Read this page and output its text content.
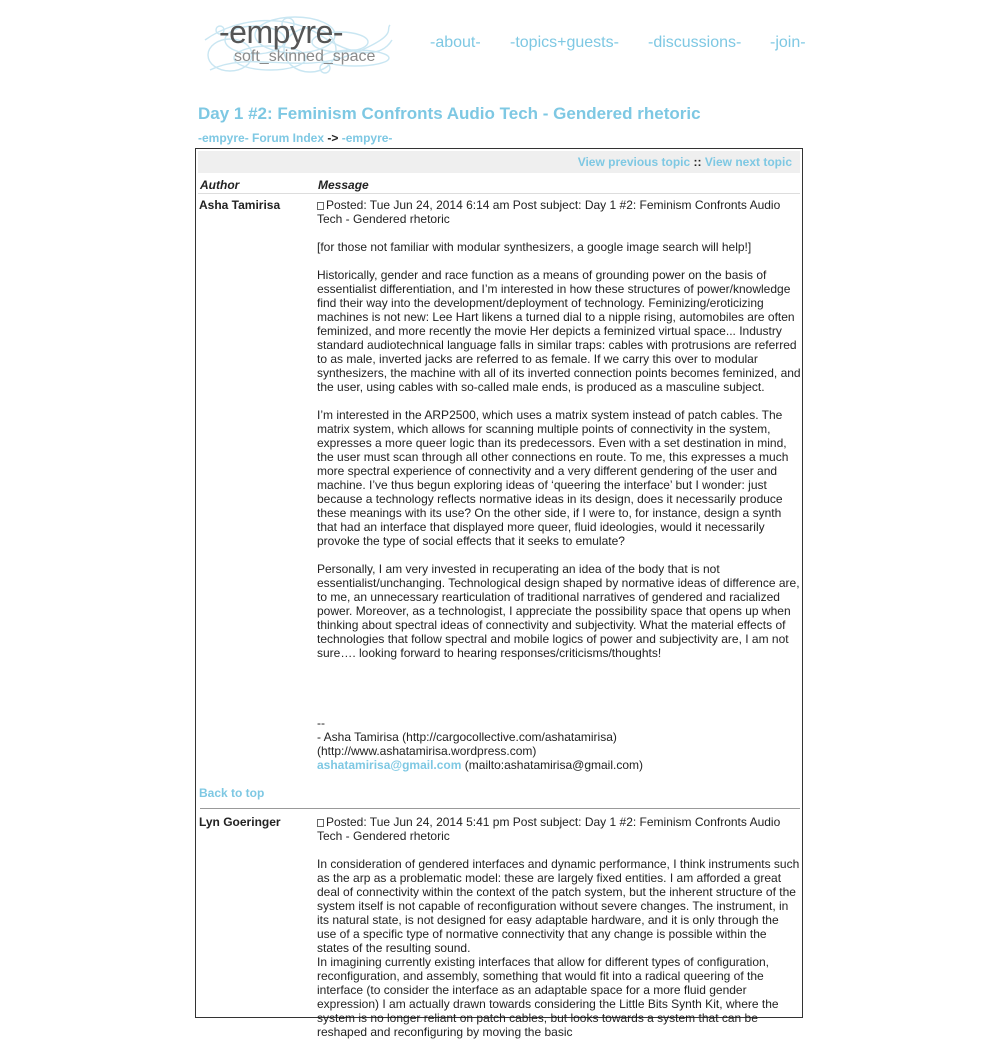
-empyre-
soft_skinned_space
-about- -topics+guests- -discussions- -join-
Day 1 #2: Feminism Confronts Audio Tech - Gendered rhetoric
-empyre- Forum Index -> -empyre-
View previous topic :: View next topic
Author	Message
Asha Tamirisa	Posted: Tue Jun 24, 2014 6:14 am Post subject: Day 1 #2: Feminism Confronts Audio Tech - Gendered rhetoric

[for those not familiar with modular synthesizers, a google image search will help!]

Historically, gender and race function as a means of grounding power on the basis of essentialist differentiation, and I’m interested in how these structures of power/knowledge find their way into the development/deployment of technology. Feminizing/eroticizing machines is not new: Lee Hart likens a turned dial to a nipple rising, automobiles are often feminized, and more recently the movie Her depicts a feminized virtual space... Industry standard audiotechnical language falls in similar traps: cables with protrusions are referred to as male, inverted jacks are referred to as female. If we carry this over to modular synthesizers, the machine with all of its inverted connection points becomes feminized, and the user, using cables with so-called male ends, is produced as a masculine subject.

I’m interested in the ARP2500, which uses a matrix system instead of patch cables. The matrix system, which allows for scanning multiple points of connectivity in the system, expresses a more queer logic than its predecessors. Even with a set destination in mind, the user must scan through all other connections en route. To me, this expresses a much more spectral experience of connectivity and a very different gendering of the user and machine. I’ve thus begun exploring ideas of ‘queering the interface’ but I wonder: just because a technology reflects normative ideas in its design, does it necessarily produce these meanings with its use? On the other side, if I were to, for instance, design a synth that had an interface that displayed more queer, fluid ideologies, would it necessarily provoke the type of social effects that it seeks to emulate?

Personally, I am very invested in recuperating an idea of the body that is not essentialist/unchanging. Technological design shaped by normative ideas of difference are, to me, an unnecessary rearticulation of traditional narratives of gendered and racialized power. Moreover, as a technologist, I appreciate the possibility space that opens up when thinking about spectral ideas of connectivity and subjectivity. What the material effects of technologies that follow spectral and mobile logics of power and subjectivity are, I am not sure…. looking forward to hearing responses/criticisms/thoughts!

--
- Asha Tamirisa (http://cargocollective.com/ashatamirisa) (http://www.ashatamirisa.wordpress.com)
ashatamirisa@gmail.com (mailto:ashatamirisa@gmail.com)
Back to top
Lyn Goeringer	Posted: Tue Jun 24, 2014 5:41 pm Post subject: Day 1 #2: Feminism Confronts Audio Tech - Gendered rhetoric

In consideration of gendered interfaces and dynamic performance, I think instruments such as the arp as a problematic model: these are largely fixed entities. I am afforded a great deal of connectivity within the context of the patch system, but the inherent structure of the system itself is not capable of reconfiguration without severe changes. The instrument, in its natural state, is not designed for easy adaptable hardware, and it is only through the use of a specific type of normative connectivity that any change is possible within the states of the resulting sound.

In imagining currently existing interfaces that allow for different types of configuration, reconfiguration, and assembly, something that would fit into a radical queering of the interface (to consider the interface as an adaptable space for a more fluid gender expression) I am actually drawn towards considering the Little Bits Synth Kit, where the system is no longer reliant on patch cables, but looks towards a system that can be reshaped and reconfiguring by moving the basic
